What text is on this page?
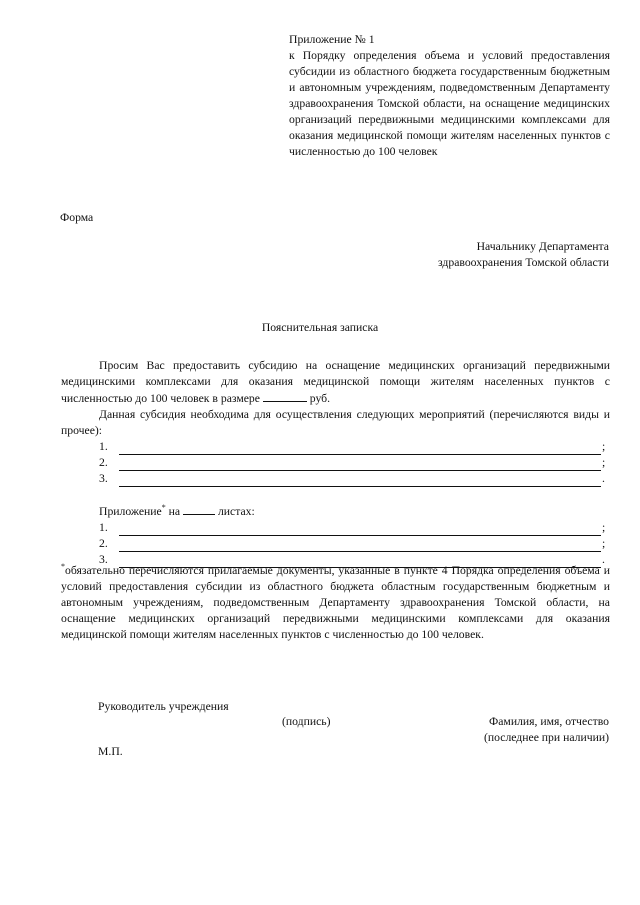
Приложение № 1
к Порядку определения объема и условий предоставления субсидии из областного бюджета государственным бюджетным и автономным учреждениям, подведомственным Департаменту здравоохранения Томской области, на оснащение медицинских организаций передвижными медицинскими комплексами для оказания медицинской помощи жителям населенных пунктов с численностью до 100 человек
Форма
Начальнику Департамента
здравоохранения Томской области
Пояснительная записка
Просим Вас предоставить субсидию на оснащение медицинских организаций передвижными медицинскими комплексами для оказания медицинской помощи жителям населенных пунктов с численностью до 100 человек в размере	руб.
Данная субсидия необходима для осуществления следующих мероприятий (перечисляются виды и прочее):
1.	;
2.	;
3.	.
Приложение* на	листах:
1.	;
2.	;
3.	.
*обязательно перечисляются прилагаемые документы, указанные в пункте 4 Порядка определения объема и условий предоставления субсидии из областного бюджета областным государственным бюджетным и автономным учреждениям, подведомственным Департаменту здравоохранения Томской области, на оснащение медицинских организаций передвижными медицинскими комплексами для оказания медицинской помощи жителям населенных пунктов с численностью до 100 человек.
Руководитель учреждения
(подпись)	Фамилия, имя, отчество
(последнее при наличии)
М.П.
